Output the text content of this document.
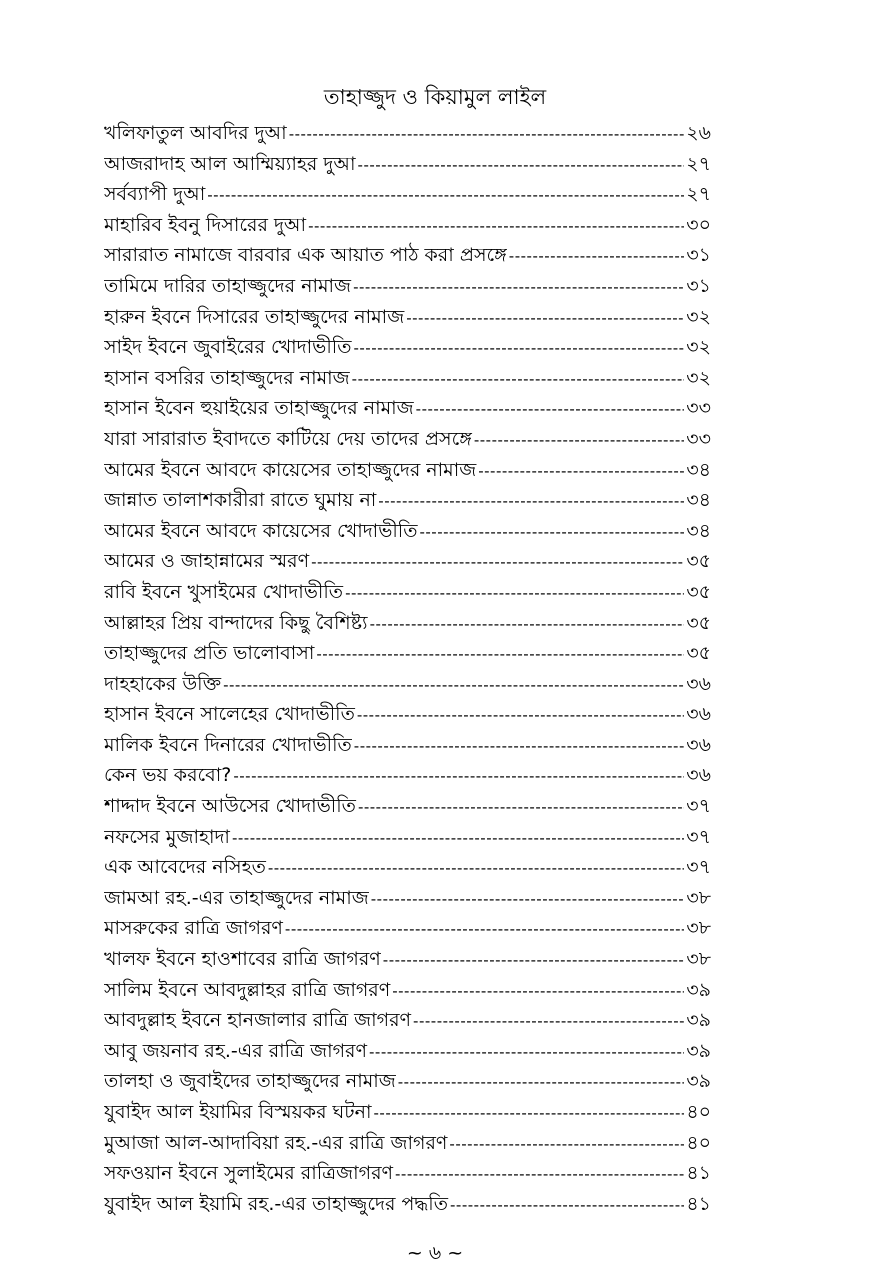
তাহাজ্জুদ ও কিয়ামুল লাইল
খলিফাতুল আবদির দুআ -----	২৬
আজরাদাহ আল আম্মিয়্যাহর দুআ -----	২৭
সর্বব্যাপী দুআ -----	২৭
মাহারিব ইবনু দিসারের দুআ -----	৩০
সারারাত নামাজে বারবার এক আয়াত পাঠ করা প্রসঙ্গে -----	৩১
তামিমে দারির তাহাজ্জুদের নামাজ -----	৩১
হারুন ইবনে দিসারের তাহাজ্জুদের নামাজ -----	৩২
সাইদ ইবনে জুবাইরের খোদাভীতি -----	৩২
হাসান বসরির তাহাজ্জুদের নামাজ -----	৩২
হাসান ইবেন হুয়াইয়ের তাহাজ্জুদের নামাজ -----	৩৩
যারা সারারাত ইবাদতে কাটিয়ে দেয় তাদের প্রসঙ্গে -----	৩৩
আমের ইবনে আবদে কায়েসের তাহাজ্জুদের নামাজ -----	৩৪
জান্নাত তালাশকারীরা রাতে ঘুমায় না -----	৩৪
আমের ইবনে আবদে কায়েসের খোদাভীতি -----	৩৪
আমের ও জাহান্নামের স্মরণ -----	৩৫
রাবি ইবনে খুসাইমের খোদাভীতি -----	৩৫
আল্লাহর প্রিয় বান্দাদের কিছু বৈশিষ্ট্য -----	৩৫
তাহাজ্জুদের প্রতি ভালোবাসা -----	৩৫
দাহহাকের উক্তি -----	৩৬
হাসান ইবনে সালেহের খোদাভীতি -----	৩৬
মালিক ইবনে দিনারের খোদাভীতি -----	৩৬
কেন ভয় করবো? -----	৩৬
শাদ্দাদ ইবনে আউসের খোদাভীতি -----	৩৭
নফসের মুজাহাদা -----	৩৭
এক আবেদের নসিহত -----	৩৭
জামআ রহ.-এর তাহাজ্জুদের নামাজ -----	৩৮
মাসরুকের রাত্রি জাগরণ -----	৩৮
খালফ ইবনে হাওশাবের রাত্রি জাগরণ -----	৩৮
সালিম ইবনে আবদুল্লাহর রাত্রি জাগরণ -----	৩৯
আবদুল্লাহ ইবনে হানজালার রাত্রি জাগরণ -----	৩৯
আবু জয়নাব রহ.-এর রাত্রি জাগরণ -----	৩৯
তালহা ও জুবাইদের তাহাজ্জুদের নামাজ -----	৩৯
যুবাইদ আল ইয়ামির বিস্ময়কর ঘটনা -----	৪০
মুআজা আল-আদাবিয়া রহ.-এর রাত্রি জাগরণ -----	৪০
সফওয়ান ইবনে সুলাইমের রাত্রিজাগরণ -----	৪১
যুবাইদ আল ইয়ামি রহ.-এর তাহাজ্জুদের পদ্ধতি -----	৪১
~ ৬ ~
